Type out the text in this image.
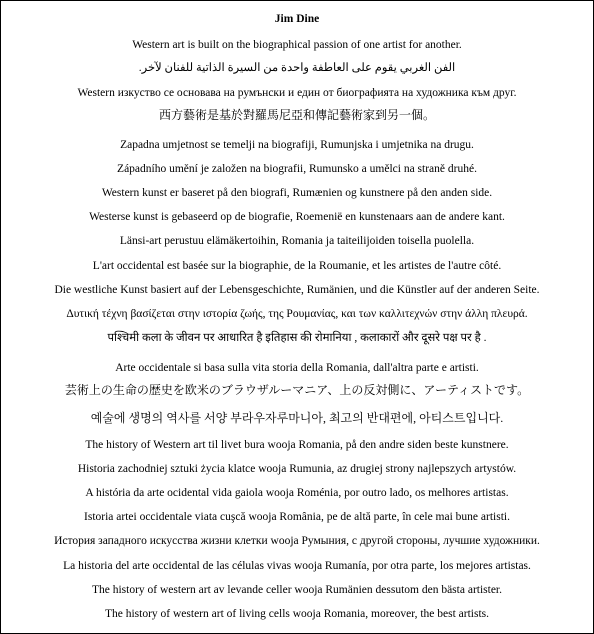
Jim Dine
Western art is built on the biographical passion of one artist for another.
الفن الغربي يقوم على العاطفة واحدة من السيرة الذاتية للفنان لآخر.
Western изкуство се основава на румънски и един от биографията на художника към друг.
西方藝術是基於對羅馬尼亞和傳記藝術家到另一個。
Zapadna umjetnost se temelji na biografiji, Rumunjska i umjetnika na drugu.
Západního umění je založen na biografii, Rumunsko a umělci na straně druhé.
Western kunst er baseret på den biografi, Rumænien og kunstnere på den anden side.
Westerse kunst is gebaseerd op de biografie, Roemenië en kunstenaars aan de andere kant.
Länsi-art perustuu elämäkertoihin, Romania ja taiteilijoiden toisella puolella.
L'art occidental est basée sur la biographie, de la Roumanie, et les artistes de l'autre côté.
Die westliche Kunst basiert auf der Lebensgeschichte, Rumänien, und die Künstler auf der anderen Seite.
Δυτική τέχνη βασίζεται στην ιστορία ζωής, της Ρουμανίας, και των καλλιτεχνών στην άλλη πλευρά.
पश्चिमी कला के जीवन पर आधारित है इतिहास की रोमानिया , कलाकारों और दूसरे पक्ष पर है .
Arte occidentale si basa sulla vita storia della Romania, dall'altra parte e artisti.
芸術上の生命の歴史を欧米のブラウザルーマニア、上の反対側に、アーティストです。
예술에 생명의 역사를 서양 부라우자루마니아, 최고의 반대편에, 아티스트입니다.
The history of Western art til livet bura wooja Romania, på den andre siden beste kunstnere.
Historia zachodniej sztuki życia klatce wooja Rumunia, az drugiej strony najlepszych artystów.
A história da arte ocidental vida gaiola wooja Roménia, por outro lado, os melhores artistas.
Istoria artei occidentale viata cuşcă wooja România, pe de altă parte, în cele mai bune artisti.
История западного искусства жизни клетки wooja Румыния, с другой стороны, лучшие художники.
La historia del arte occidental de las células vivas wooja Rumanía, por otra parte, los mejores artistas.
The history of western art av levande celler wooja Rumänien dessutom den bästa artister.
The history of western art of living cells wooja Romania, moreover, the best artists.
